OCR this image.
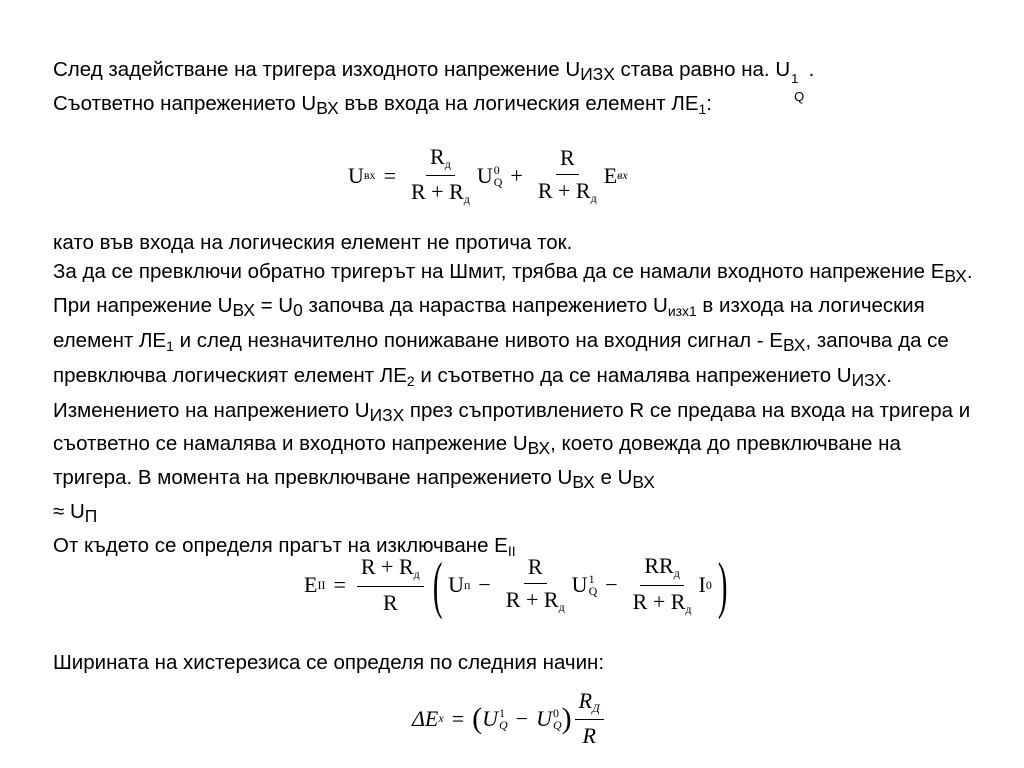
След задействане на тригера изходното напрежение UИЗХ става равно на. U 1
Q
.
Съответно напрежението UВХ във входа на логическия елемент $ЛЕ_1$:

U вх = $\frac{Rд}{R + Rд}$ U 0
$Q + \frac{R}{R + Rд}$ E вх

като във входа на логическия елемент не протича ток.
За да се превключи обратно тригерът на Шмит, трябва да се намали входното напрежение EВХ. При напрежение UВХ = U0 започва да нараства напрежението $U_{изх1}$ в изхода на логическия елемент $ЛЕ_1$ и след незначително понижаване нивото на входния сигнал - EВХ, започва да се превключва логическият елемент $ЛЕ_2$ и съответно да се намалява напрежението UИЗХ. Изменението на напрежението UИЗХ през съпротивлението R се предава на входа на тригера и съответно се намалява и входното напрежение UВХ, което довежда до превключване на тригера. В момента на превключване напрежението UВХ е UВХ
≈ UП
От където се определя прагът на изключване $E_{II}$

E II = $\frac{R + Rд}{R}$ ( U $п - \frac{R}{R + Rд}$ U 1
$Q - \frac{\text{RRд}}{R + Rд}$ I 0 )

Ширината на хистерезиса се определя по следния начин:

ΔE x = ( U 1
Q − U 0
Q ) $\frac{RД}{R}$
